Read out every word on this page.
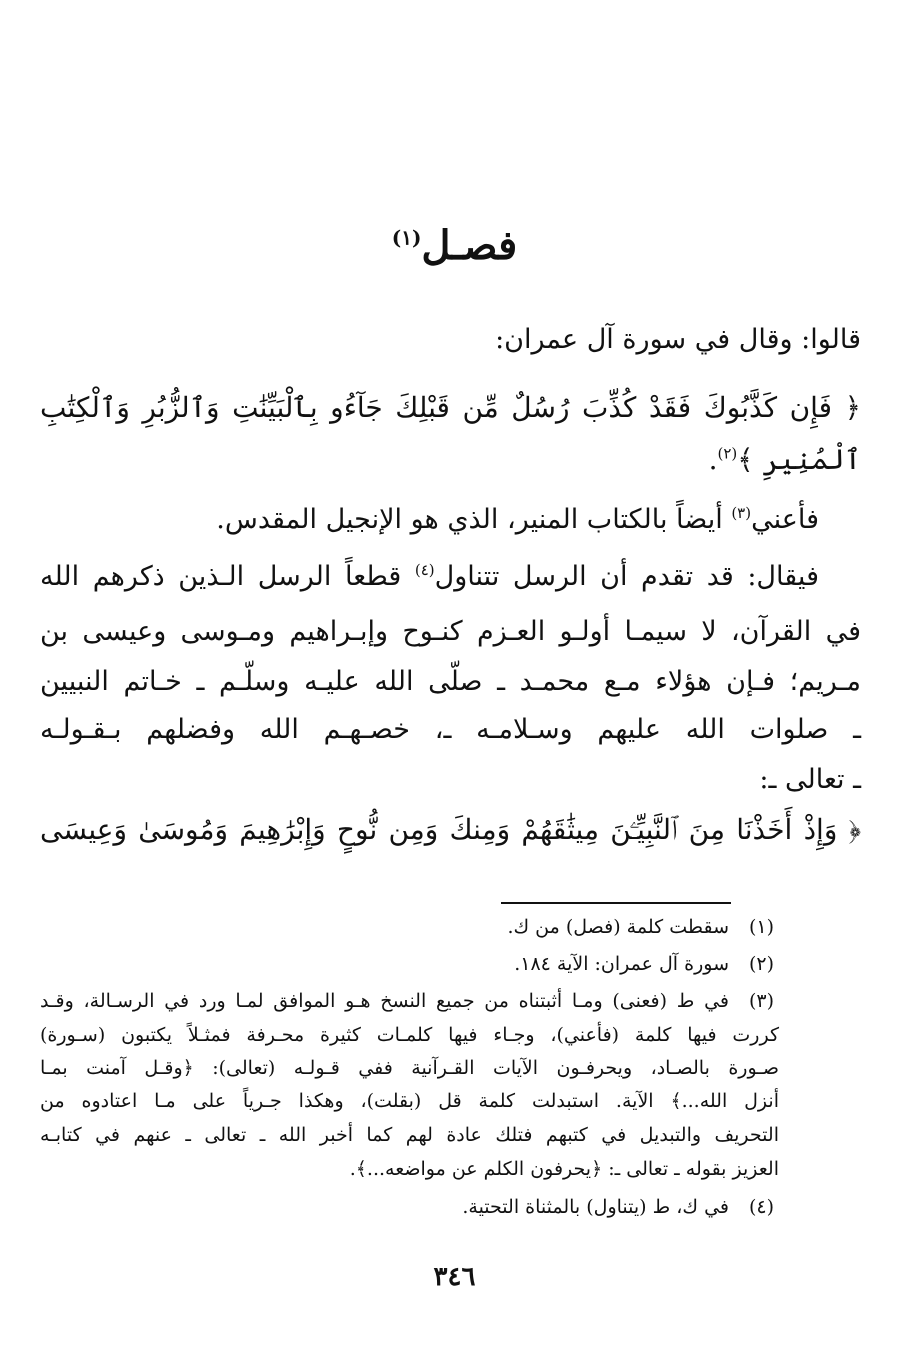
فصـل$^{(١)}$
قالوا: وقال في سورة آل عمران:
﴿ فَإِن كَذَّبُوكَ فَقَدْ كُذِّبَ رُسُلٌ مِّن قَبْلِكَ جَآءُو بِٱلْبَيِّنَٰتِ وَٱلزُّبُرِ وَٱلْكِتَٰبِ
ٱلْمُنِيرِ ﴾$^{(٢)}$.
فأعني$^{(٣)}$ أيضاً بالكتاب المنير، الذي هو الإنجيل المقدس.
فيقال: قد تقدم أن الرسل تتناول$^{(٤)}$ قطعاً الرسل الـذين ذكرهم الله
في القرآن، لا سيمـا أولـو العـزم كنـوح وإبـراهيم ومـوسى وعيسى بن
مـريم؛ فـإن هؤلاء مـع محمـد ـ صلّى الله عليـه وسلّـم ـ خـاتم النبيين
ـ صلوات الله عليهم وسـلامـه ـ، خصـهـم الله وفضلهم بـقـولـه
ـ تعالى ـ:
﴿ وَإِذْ أَخَذْنَا مِنَ ٱلنَّبِيِّـۧنَ مِيثَٰقَهُمْ وَمِنكَ وَمِن نُّوحٍ وَإِبْرَٰهِيمَ وَمُوسَىٰ وَعِيسَى
(١)
سقطت كلمة (فصل) من ك.
(٢)
سورة آل عمران: الآية ١٨٤.
(٣)
في ط (فعنى) ومـا أثبتناه من جميع النسخ هـو الموافق لمـا ورد في الرسـالة، وقـد
كررت فيها كلمة (فأعني)، وجـاء فيها كلمـات كثيرة محـرفة فمثـلاً يكتبون (سـورة)
صـورة بالصـاد، ويحرفـون الآيات القـرآنية ففي قـولـه (تعالى): ﴿وقـل آمنت بمـا
أنزل الله...﴾ الآية. استبدلت كلمة قل (بقلت)، وهكذا جـرياً على مـا اعتادوه من
التحريف والتبديل في كتبهم فتلك عادة لهم كما أخبر الله ـ تعالى ـ عنهم في كتابـه
العزيز بقوله ـ تعالى ـ: ﴿يحرفون الكلم عن مواضعه...﴾.
(٤)
في ك، ط (يتناول) بالمثناة التحتية.
٣٤٦
